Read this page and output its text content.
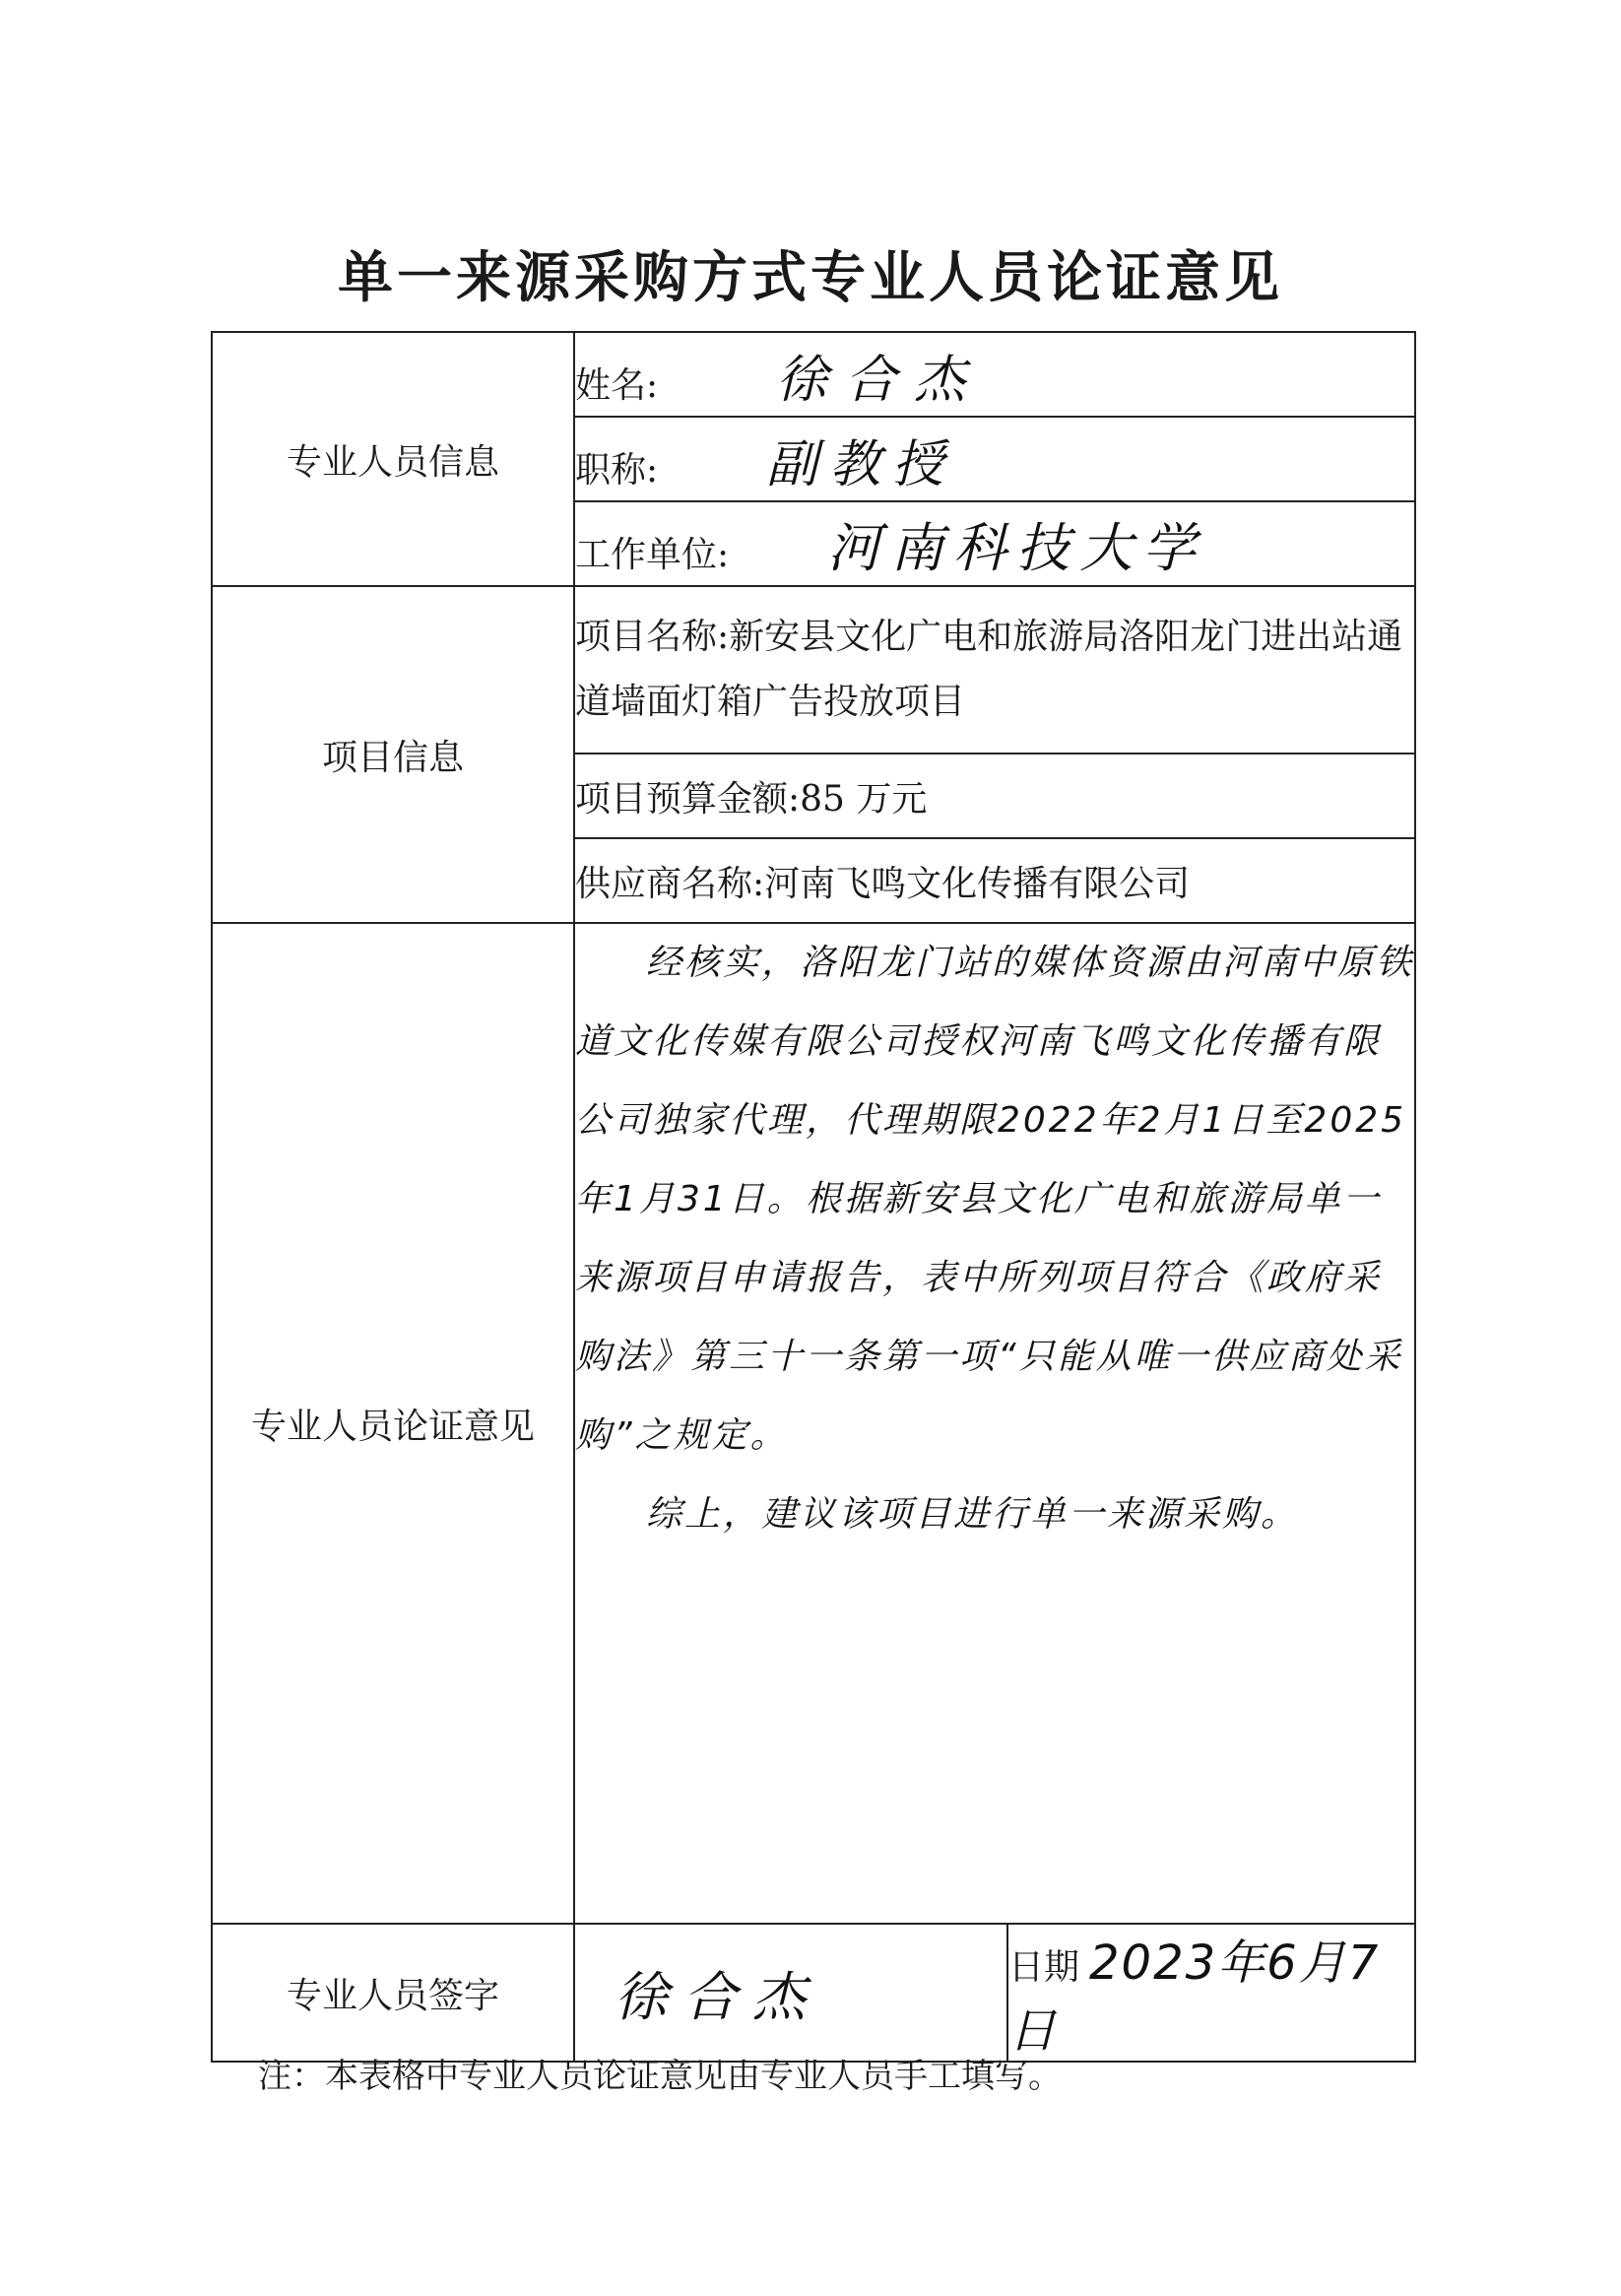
单一来源采购方式专业人员论证意见
专业人员信息	姓名: 徐合杰	
	职称: 副教授	
	工作单位: 河南科技大学	
项目信息	项目名称:新安县文化广电和旅游局洛阳龙门进出站通道墙面灯箱广告投放项目	
	项目预算金额:85 万元	
	供应商名称:河南飞鸣文化传播有限公司	
专业人员论证意见	经核实，洛阳龙门站的媒体资源由河南中原铁道文化传媒有限公司授权河南飞鸣文化传播有限公司独家代理，代理期限2022年2月1日至2025年1月31日。根据新安县文化广电和旅游局单一来源项目申请报告，表中所列项目符合《政府采购法》第三十一条第一项“只能从唯一供应商处采购”之规定。

综上，建议该项目进行单一来源采购。	

专业人员签字	徐合杰	日期 2023年6月7日
注：本表格中专业人员论证意见由专业人员手工填写。
